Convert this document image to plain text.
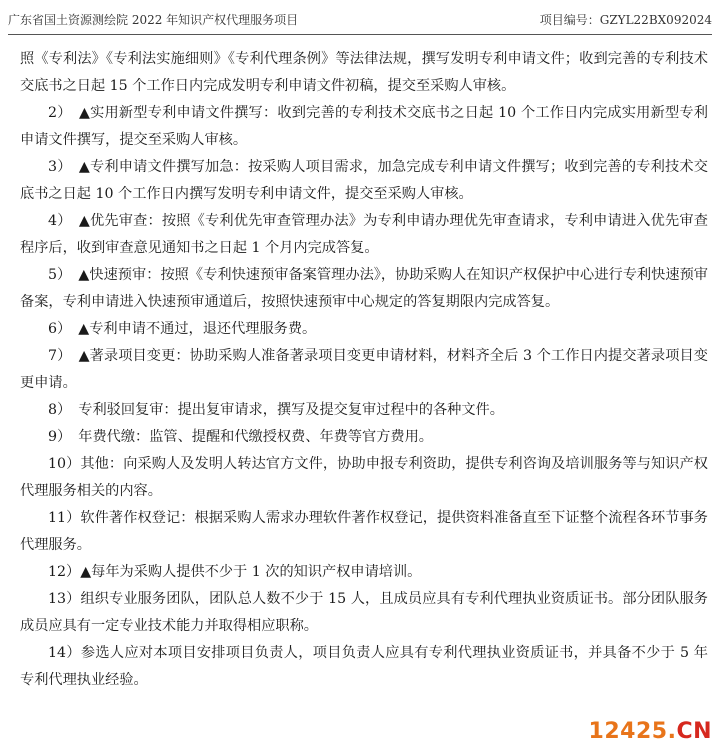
广东省国土资源测绘院 2022 年知识产权代理服务项目	项目编号：GZYL22BX092024

照《专利法》《专利法实施细则》《专利代理条例》等法律法规，撰写发明专利申请文件；收到完善的专利技术交底书之日起 15 个工作日内完成发明专利申请文件初稿，提交至采购人审核。

2）　▲实用新型专利申请文件撰写：收到完善的专利技术交底书之日起 10 个工作日内完成实用新型专利申请文件撰写，提交至采购人审核。

3）　▲专利申请文件撰写加急：按采购人项目需求，加急完成专利申请文件撰写；收到完善的专利技术交底书之日起 10 个工作日内撰写发明专利申请文件，提交至采购人审核。

4）　▲优先审查：按照《专利优先审查管理办法》为专利申请办理优先审查请求，专利申请进入优先审查程序后，收到审查意见通知书之日起 1 个月内完成答复。

5）　▲快速预审：按照《专利快速预审备案管理办法》，协助采购人在知识产权保护中心进行专利快速预审备案，专利申请进入快速预审通道后，按照快速预审中心规定的答复期限内完成答复。

6）　▲专利申请不通过，退还代理服务费。

7）　▲著录项目变更：协助采购人准备著录项目变更申请材料，材料齐全后 3 个工作日内提交著录项目变更申请。

8）　专利驳回复审：提出复审请求，撰写及提交复审过程中的各种文件。

9）　年费代缴：监管、提醒和代缴授权费、年费等官方费用。

10）其他：向采购人及发明人转达官方文件，协助申报专利资助，提供专利咨询及培训服务等与知识产权代理服务相关的内容。

11）软件著作权登记：根据采购人需求办理软件著作权登记，提供资料准备直至下证整个流程各环节事务代理服务。

12）▲每年为采购人提供不少于 1 次的知识产权申请培训。

13）组织专业服务团队，团队总人数不少于 15 人，且成员应具有专利代理执业资质证书。部分团队服务成员应具有一定专业技术能力并取得相应职称。

14）参选人应对本项目安排项目负责人，项目负责人应具有专利代理执业资质证书，并具备不少于 5 年专利代理执业经验。

12425.CN
